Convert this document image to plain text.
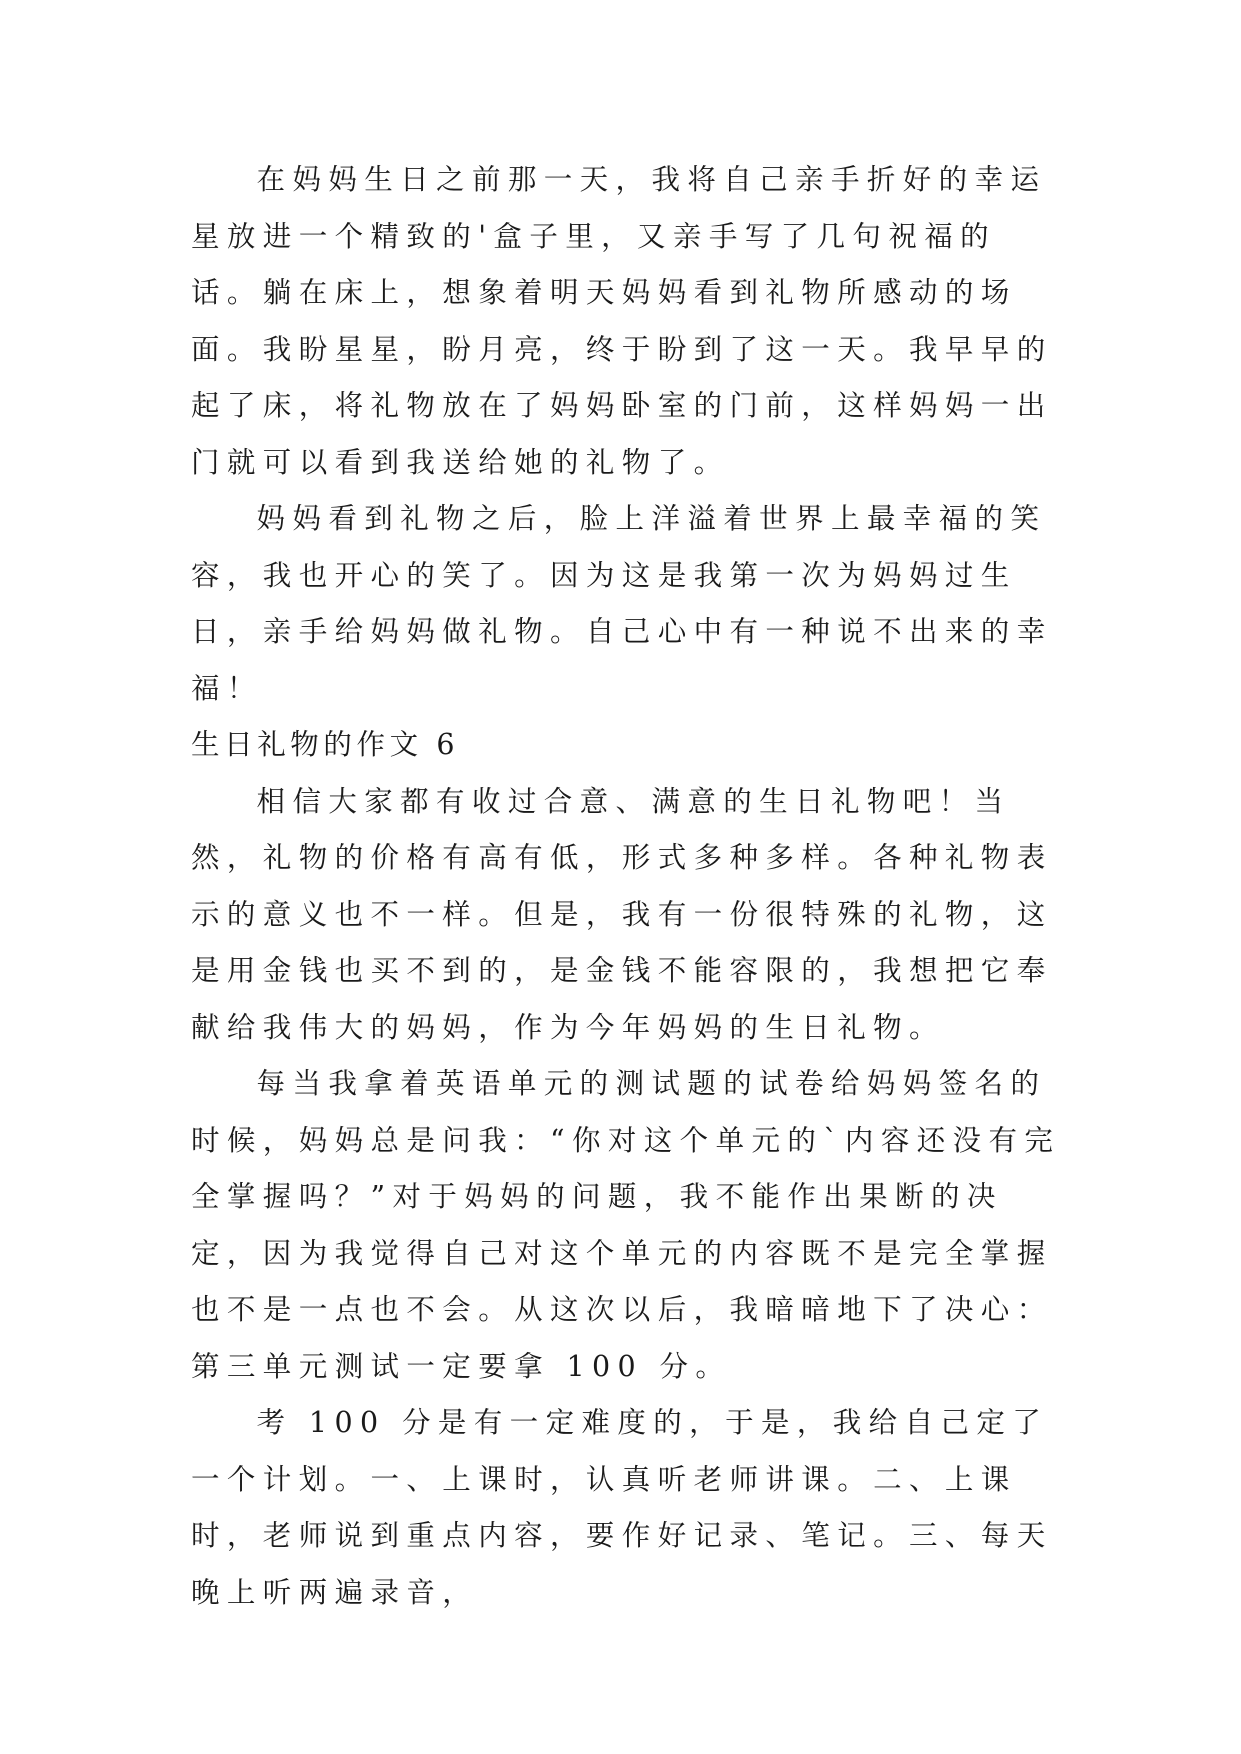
在妈妈生日之前那一天，我将自己亲手折好的幸运星放进一个精致的'盒子里，又亲手写了几句祝福的话。躺在床上，想象着明天妈妈看到礼物所感动的场面。我盼星星，盼月亮，终于盼到了这一天。我早早的起了床，将礼物放在了妈妈卧室的门前，这样妈妈一出门就可以看到我送给她的礼物了。

妈妈看到礼物之后，脸上洋溢着世界上最幸福的笑容，我也开心的笑了。因为这是我第一次为妈妈过生日，亲手给妈妈做礼物。自己心中有一种说不出来的幸福！

生日礼物的作文 6

相信大家都有收过合意、满意的生日礼物吧！当然，礼物的价格有高有低，形式多种多样。各种礼物表示的意义也不一样。但是，我有一份很特殊的礼物，这是用金钱也买不到的，是金钱不能容限的，我想把它奉献给我伟大的妈妈，作为今年妈妈的生日礼物。

每当我拿着英语单元的测试题的试卷给妈妈签名的时候，妈妈总是问我：“你对这个单元的`内容还没有完全掌握吗？”对于妈妈的问题，我不能作出果断的决定，因为我觉得自己对这个单元的内容既不是完全掌握也不是一点也不会。从这次以后，我暗暗地下了决心：第三单元测试一定要拿 100 分。

考 100 分是有一定难度的，于是，我给自己定了一个计划。一、上课时，认真听老师讲课。二、上课时，老师说到重点内容，要作好记录、笔记。三、每天晚上听两遍录音，
